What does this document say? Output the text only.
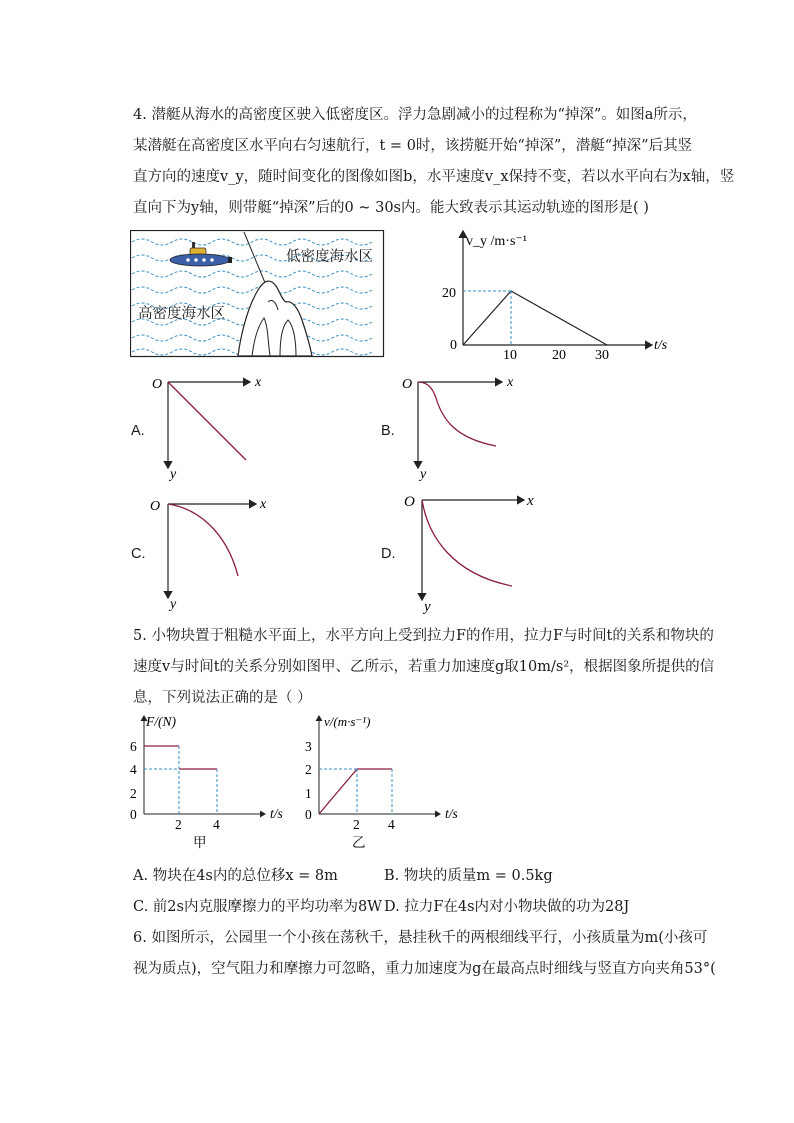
4. 潜艇从海水的高密度区驶入低密度区。浮力急剧减小的过程称为“掉深”。如图a所示，
某潜艇在高密度区水平向右匀速航行，t = 0时，该捞艇开始“掉深”，潜艇“掉深”后其竖
直方向的速度v_y，随时间变化的图像如图b，水平速度v_x保持不变，若以水平向右为x轴，竖
直向下为y轴，则带艇“掉深”后的0 ~ 30s内。能大致表示其运动轨迹的图形是( )
低密度海水区
高密度海水区
v_y /m·s⁻¹
20
0
10	20 30
t/s
A.
O	x
y
B.
O	x
y
C.
O	x
y
D.
O	x
y
5. 小物块置于粗糙水平面上，水平方向上受到拉力F的作用，拉力F与时间t的关系和物块的
速度v与时间t的关系分别如图甲、乙所示，若重力加速度g取10m/s²，根据图象所提供的信
息，下列说法正确的是（ ）
F/(N)
6
4
2
0
2 4
t/s
甲
v/(m·s⁻¹)
3
2
1
0
2 4
t/s
乙
A. 物块在4s内的总位移x = 8m	B. 物块的质量m = 0.5kg
C. 前2s内克服摩擦力的平均功率为8W D. 拉力F在4s内对小物块做的功为28J
6. 如图所示，公园里一个小孩在荡秋千，悬挂秋千的两根细线平行，小孩质量为m(小孩可
视为质点)，空气阻力和摩擦力可忽略，重力加速度为g在最高点时细线与竖直方向夹角53°(
